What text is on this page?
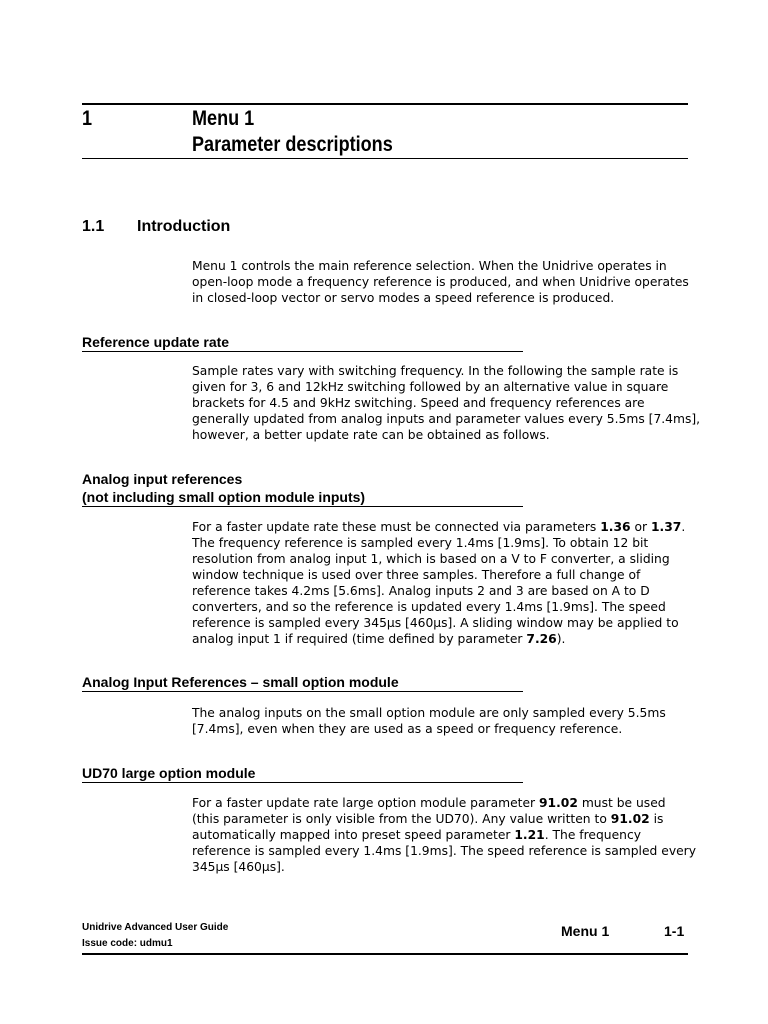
1	Menu 1
Parameter descriptions
1.1 Introduction
Menu 1 controls the main reference selection. When the Unidrive operates in
open-loop mode a frequency reference is produced, and when Unidrive operates
in closed-loop vector or servo modes a speed reference is produced.
Reference update rate
Sample rates vary with switching frequency. In the following the sample rate is
given for 3, 6 and 12kHz switching followed by an alternative value in square
brackets for 4.5 and 9kHz switching. Speed and frequency references are
generally updated from analog inputs and parameter values every 5.5ms [7.4ms],
however, a better update rate can be obtained as follows.
Analog input references
(not including small option module inputs)
For a faster update rate these must be connected via parameters 1.36 or 1.37.
The frequency reference is sampled every 1.4ms [1.9ms]. To obtain 12 bit
resolution from analog input 1, which is based on a V to F converter, a sliding
window technique is used over three samples. Therefore a full change of
reference takes 4.2ms [5.6ms]. Analog inputs 2 and 3 are based on A to D
converters, and so the reference is updated every 1.4ms [1.9ms]. The speed
reference is sampled every 345µs [460µs]. A sliding window may be applied to
analog input 1 if required (time defined by parameter 7.26).
Analog Input References – small option module
The analog inputs on the small option module are only sampled every 5.5ms
[7.4ms], even when they are used as a speed or frequency reference.
UD70 large option module
For a faster update rate large option module parameter 91.02 must be used
(this parameter is only visible from the UD70). Any value written to 91.02 is
automatically mapped into preset speed parameter 1.21. The frequency
reference is sampled every 1.4ms [1.9ms]. The speed reference is sampled every
345µs [460µs].
Unidrive Advanced User Guide
Issue code: udmu1
Menu 1	1-1
